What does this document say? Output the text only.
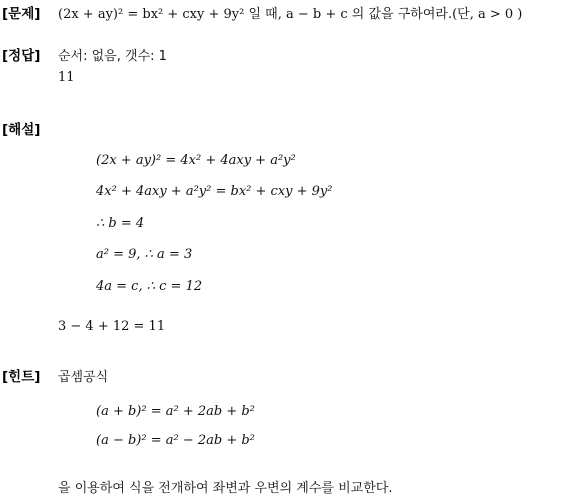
[문제] (2x + ay)² = bx² + cxy + 9y² 일 때, a − b + c 의 값을 구하여라.(단, a > 0 )
[정답] 순서: 없음, 갯수: 1
11
[해설]
(2x + ay)² = 4x² + 4axy + a²y²
4x² + 4axy + a²y² = bx² + cxy + 9y²
∴ b = 4
a² = 9, ∴ a = 3
4a = c, ∴ c = 12
3 − 4 + 12 = 11
[힌트] 곱셈공식
(a + b)² = a² + 2ab + b²
(a − b)² = a² − 2ab + b²
을 이용하여 식을 전개하여 좌변과 우변의 계수를 비교한다.
